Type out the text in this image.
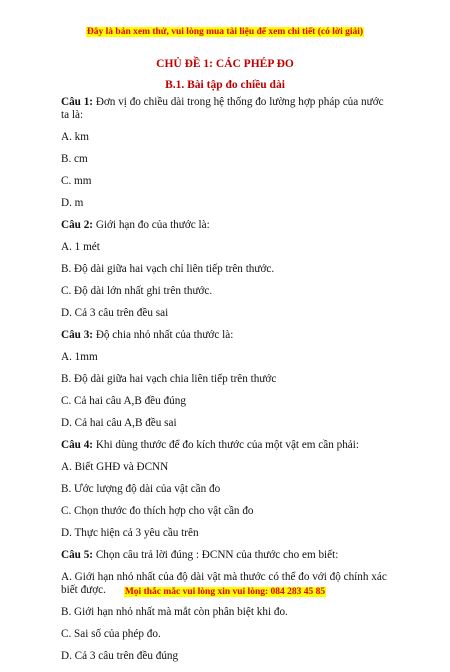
Đây là bản xem thử, vui lòng mua tài liệu để xem chi tiết (có lời giải)
CHỦ ĐỀ 1: CÁC PHÉP ĐO
B.1. Bài tập đo chiều dài
Câu 1: Đơn vị đo chiều dài trong hệ thống đo lường hợp pháp của nước ta là:
A. km
B. cm
C. mm
D. m
Câu 2: Giới hạn đo của thước là:
A. 1 mét
B. Độ dài giữa hai vạch chỉ liên tiếp trên thước.
C. Độ dài lớn nhất ghi trên thước.
D. Cả 3 câu trên đều sai
Câu 3: Độ chia nhỏ nhất của thước là:
A. 1mm
B. Độ dài giữa hai vạch chia liên tiếp trên thước
C. Cả hai câu A,B đều đúng
D. Cả hai câu A,B đều sai
Câu 4: Khi dùng thước để đo kích thước của một vật em cần phải:
A. Biết GHĐ và ĐCNN
B. Ước lượng độ dài của vật cần đo
C. Chọn thước đo thích hợp cho vật cần đo
D. Thực hiện cả 3 yêu cầu trên
Câu 5: Chọn câu trả lời đúng : ĐCNN của thước cho em biết:
A. Giới hạn nhỏ nhất của độ dài vật mà thước có thể đo với độ chính xác biết được.
B. Giới hạn nhỏ nhất mà mắt còn phân biệt khi đo.
C. Sai số của phép đo.
D. Cả 3 câu trên đều đúng
Mọi thắc mắc vui lòng xin vui lòng: 084 283 45 85
